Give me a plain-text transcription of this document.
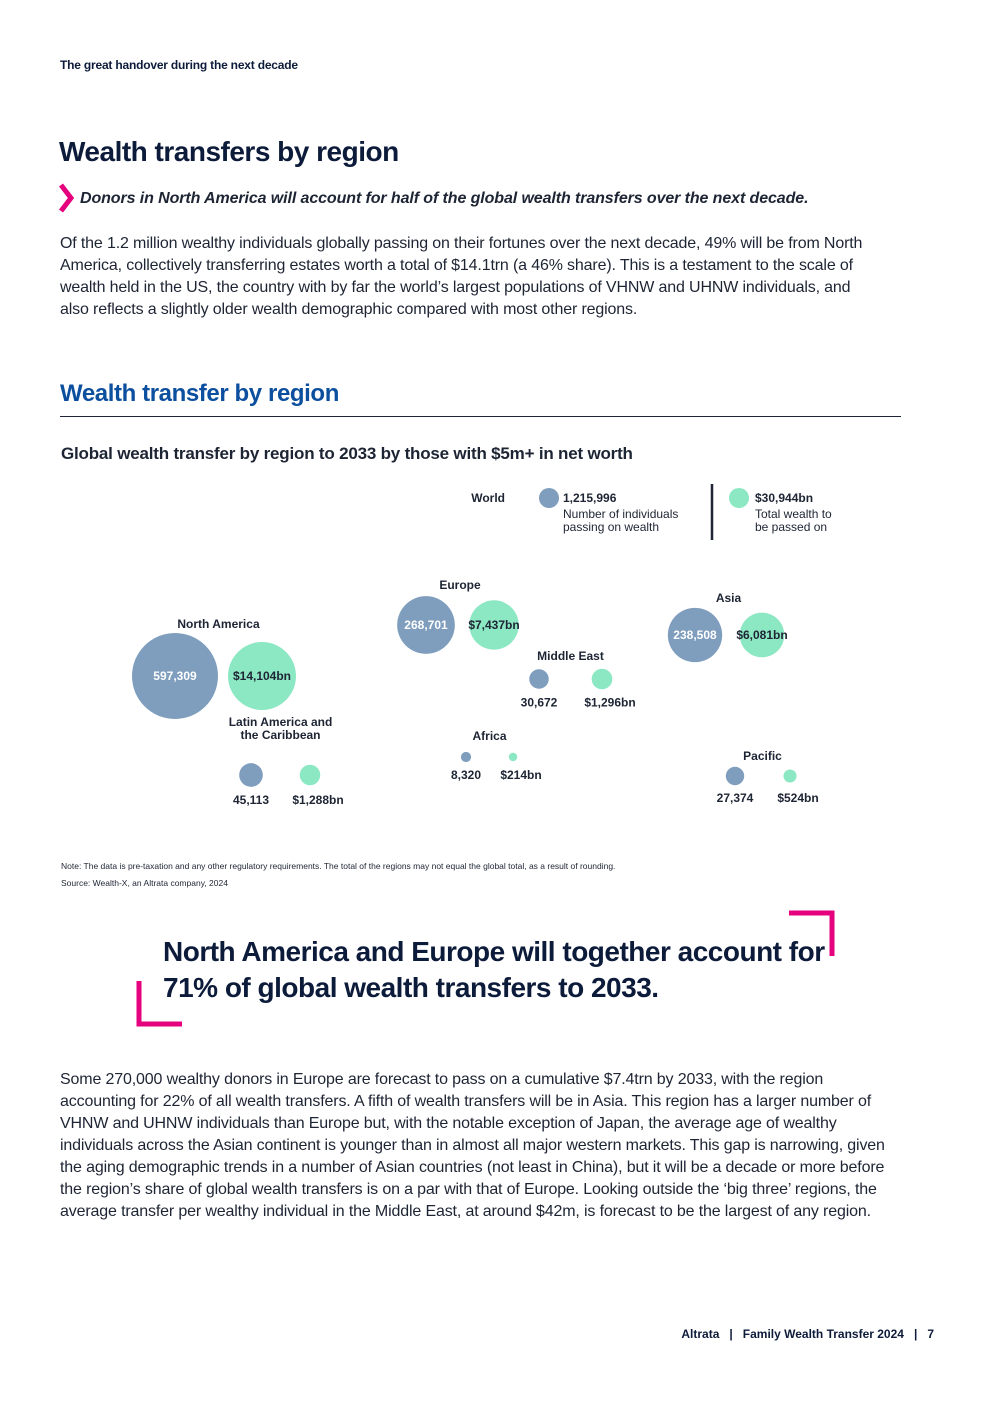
The great handover during the next decade
Wealth transfers by region
Donors in North America will account for half of the global wealth transfers over the next decade.

Of the 1.2 million wealthy individuals globally passing on their fortunes over the next decade, 49% will be from North America, collectively transferring estates worth a total of $14.1trn (a 46% share). This is a testament to the scale of wealth held in the US, the country with by far the world’s largest populations of VHNW and UHNW individuals, and also reflects a slightly older wealth demographic compared with most other regions.

Wealth transfer by region
Global wealth transfer by region to 2033 by those with $5m+ in net worth
World	1,215,996
Number of individuals
passing on wealth
$30,944bn
Total wealth to
be passed on
North America
597,309	$14,104bn
Latin America and
the Caribbean
45,113 $1,288bn
Europe
268,701 $7,437bn
Middle East
30,672 $1,296bn
Africa
8,320 $214bn
Asia
238,508 $6,081bn
Pacific
27,374 $524bn
Note: The data is pre-taxation and any other regulatory requirements. The total of the regions may not equal the global total, as a result of rounding.
Source: Wealth-X, an Altrata company, 2024

North America and Europe will together account for 71% of global wealth transfers to 2033.

Some 270,000 wealthy donors in Europe are forecast to pass on a cumulative $7.4trn by 2033, with the region accounting for 22% of all wealth transfers. A fifth of wealth transfers will be in Asia. This region has a larger number of VHNW and UHNW individuals than Europe but, with the notable exception of Japan, the average age of wealthy individuals across the Asian continent is younger than in almost all major western markets. This gap is narrowing, given the aging demographic trends in a number of Asian countries (not least in China), but it will be a decade or more before the region’s share of global wealth transfers is on a par with that of Europe. Looking outside the ‘big three’ regions, the average transfer per wealthy individual in the Middle East, at around $42m, is forecast to be the largest of any region.

Altrata | Family Wealth Transfer 2024 | 7
